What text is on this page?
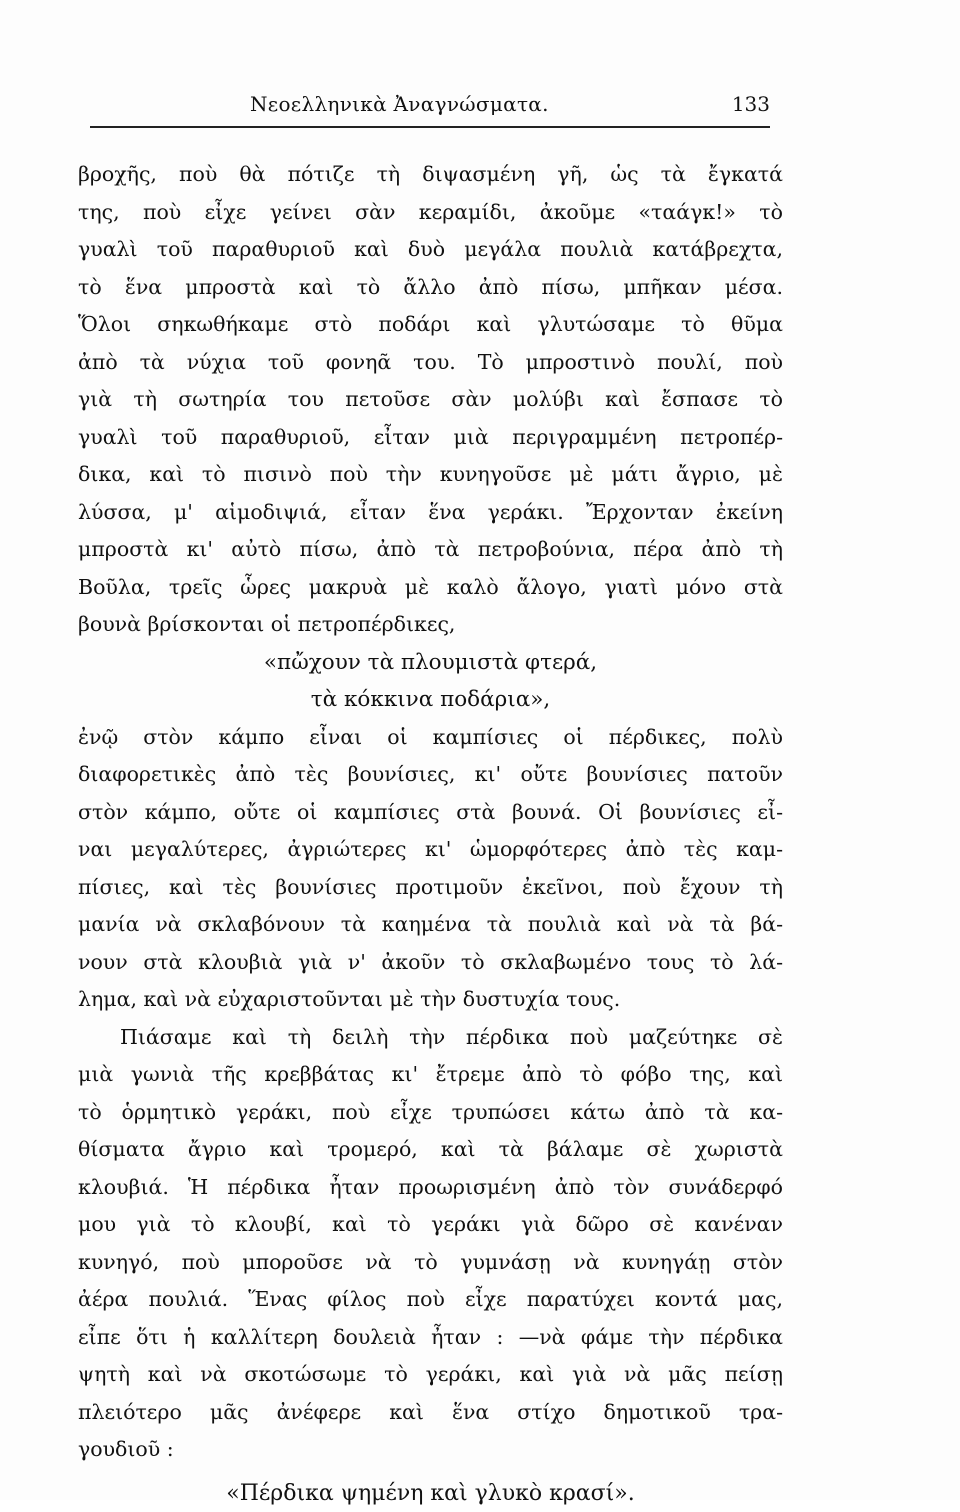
Νεοελληνικὰ Ἀναγνώσματα.	133
βροχῆς, ποὺ θὰ πότιζε τὴ διψασμένη γῆ, ὡς τὰ ἔγκατά
της, ποὺ εἶχε γείνει σὰν κεραμίδι, ἀκοῦμε «ταάγκ!» τὸ
γυαλὶ τοῦ παραθυριοῦ καὶ δυὸ μεγάλα πουλιὰ κατάβρεχτα,
τὸ ἕνα μπροστὰ καὶ τὸ ἄλλο ἀπὸ πίσω, μπῆκαν μέσα.
Ὅλοι σηκωθήκαμε στὸ ποδάρι καὶ γλυτώσαμε τὸ θῦμα
ἀπὸ τὰ νύχια τοῦ φονηᾶ του. Τὸ μπροστινὸ πουλί, ποὺ
γιὰ τὴ σωτηρία του πετοῦσε σὰν μολύβι καὶ ἔσπασε τὸ
γυαλὶ τοῦ παραθυριοῦ, εἶταν μιὰ περιγραμμένη πετροπέρ-
δικα, καὶ τὸ πισινὸ ποὺ τὴν κυνηγοῦσε μὲ μάτι ἄγριο, μὲ
λύσσα, μ' αἱμοδιψιά, εἶταν ἕνα γεράκι. Ἔρχονταν ἐκείνη
μπροστὰ κι' αὐτὸ πίσω, ἀπὸ τὰ πετροβούνια, πέρα ἀπὸ τὴ
Βοῦλα, τρεῖς ὧρες μακρυὰ μὲ καλὸ ἄλογο, γιατὶ μόνο στὰ
βουνὰ βρίσκονται οἱ πετροπέρδικες,
«πὤχουν τὰ πλουμιστὰ φτερά,
τὰ κόκκινα ποδάρια»,
ἐνῷ στὸν κάμπο εἶναι οἱ καμπίσιες οἱ πέρδικες, πολὺ
διαφορετικὲς ἀπὸ τὲς βουνίσιες, κι' οὔτε βουνίσιες πατοῦν
στὸν κάμπο, οὔτε οἱ καμπίσιες στὰ βουνά. Οἱ βουνίσιες εἶ-
ναι μεγαλύτερες, ἀγριώτερες κι' ὡμορφότερες ἀπὸ τὲς καμ-
πίσιες, καὶ τὲς βουνίσιες προτιμοῦν ἐκεῖνοι, ποὺ ἔχουν τὴ
μανία νὰ σκλαβόνουν τὰ καημένα τὰ πουλιὰ καὶ νὰ τὰ βά-
νουν στὰ κλουβιὰ γιὰ ν' ἀκοῦν τὸ σκλαβωμένο τους τὸ λά-
λημα, καὶ νὰ εὐχαριστοῦνται μὲ τὴν δυστυχία τους.
Πιάσαμε καὶ τὴ δειλὴ τὴν πέρδικα ποὺ μαζεύτηκε σὲ
μιὰ γωνιὰ τῆς κρεββάτας κι' ἔτρεμε ἀπὸ τὸ φόβο της, καὶ
τὸ ὁρμητικὸ γεράκι, ποὺ εἶχε τρυπώσει κάτω ἀπὸ τὰ κα-
θίσματα ἄγριο καὶ τρομερό, καὶ τὰ βάλαμε σὲ χωριστὰ
κλουβιά. Ἡ πέρδικα ἦταν προωρισμένη ἀπὸ τὸν συνάδερφό
μου γιὰ τὸ κλουβί, καὶ τὸ γεράκι γιὰ δῶρο σὲ κανέναν
κυνηγό, ποὺ μποροῦσε νὰ τὸ γυμνάσῃ νὰ κυνηγάῃ στὸν
ἀέρα πουλιά. Ἕνας φίλος ποὺ εἶχε παρατύχει κοντά μας,
εἶπε ὅτι ἡ καλλίτερη δουλειὰ ἦταν : —νὰ φάμε τὴν πέρδικα
ψητὴ καὶ νὰ σκοτώσωμε τὸ γεράκι, καὶ γιὰ νὰ μᾶς πείσῃ
πλειότερο μᾶς ἀνέφερε καὶ ἕνα στίχο δημοτικοῦ τρα-
γουδιοῦ :
«Πέρδικα ψημένη καὶ γλυκὸ κρασί».
